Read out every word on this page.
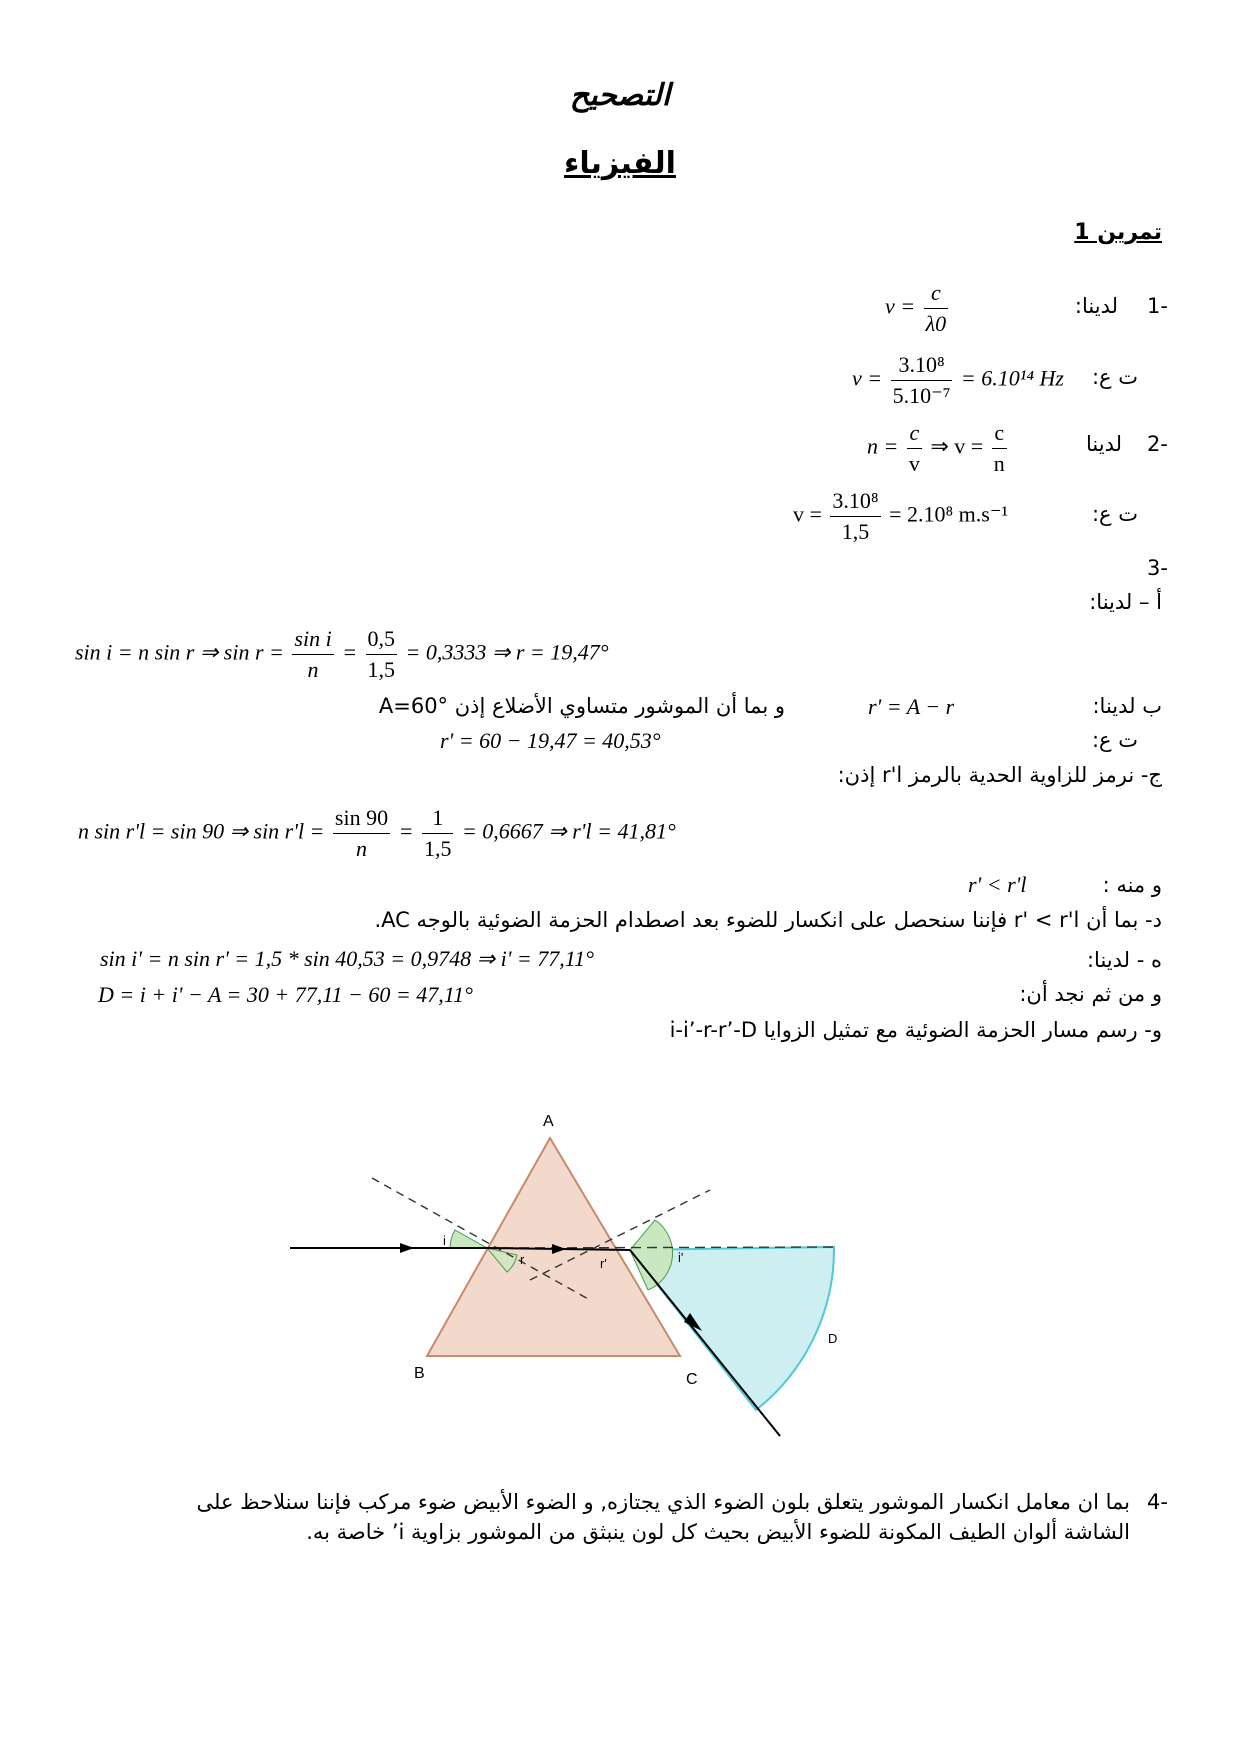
التصحيح
الفيزياء
تمرين 1
-1
لدينا:
$v = \frac{c}{\lambda 0}$
ت ع:
$v = \frac{\text{3.10⁸}}{\text{5.10⁻⁷}} = 6.10^{14}$ Hz
-2
لدينا
$n = \frac{c}{v}$ ⇒ $v = \frac{c}{n}$
ت ع:
$v = \frac{\text{3.10⁸}}{1,5} = 2.10^8$ m.s⁻¹
-3
أ – لدينا:
sin i = n sin r ⇒ $\sin r = \frac{\text{sin i}}{n} = \frac{0,5}{1,5} = 0,3333$ ⇒ r = 19,47°
ب لدينا:
r' = A − r
و بما أن الموشور متساوي الأضلاع إذن A=60°
ت ع:
r' = 60 − 19,47 = 40,53°
ج- نرمز للزاوية الحدية بالرمز r'l إذن:
n sin r'l = sin 90 ⇒ $\sin r'l = \frac{\sin 90}{n} = \frac{1}{1,5} = 0,6667$ ⇒ r'l = 41,81°
و منه :
r' < r'l
د- بما أن r' < r'l فإننا سنحصل على انكسار للضوء بعد اصطدام الحزمة الضوئية بالوجه AC.
ه - لدينا:
sin i' = n sin r' = 1,5 * sin 40,53 = 0,9748 ⇒ i' = 77,11°
و من ثم نجد أن:
D = i + i' − A = 30 + 77,11 − 60 = 47,11°
و- رسم مسار الحزمة الضوئية مع تمثيل الزوايا i-i’-r-r’-D
A
B	C
D
i
r	r'	i'
-4
بما ان معامل انكسار الموشور يتعلق بلون الضوء الذي يجتازه, و الضوء الأبيض ضوء مركب فإننا سنلاحظ على
الشاشة ألوان الطيف المكونة للضوء الأبيض بحيث كل لون ينبثق من الموشور بزاوية i’ خاصة به.
